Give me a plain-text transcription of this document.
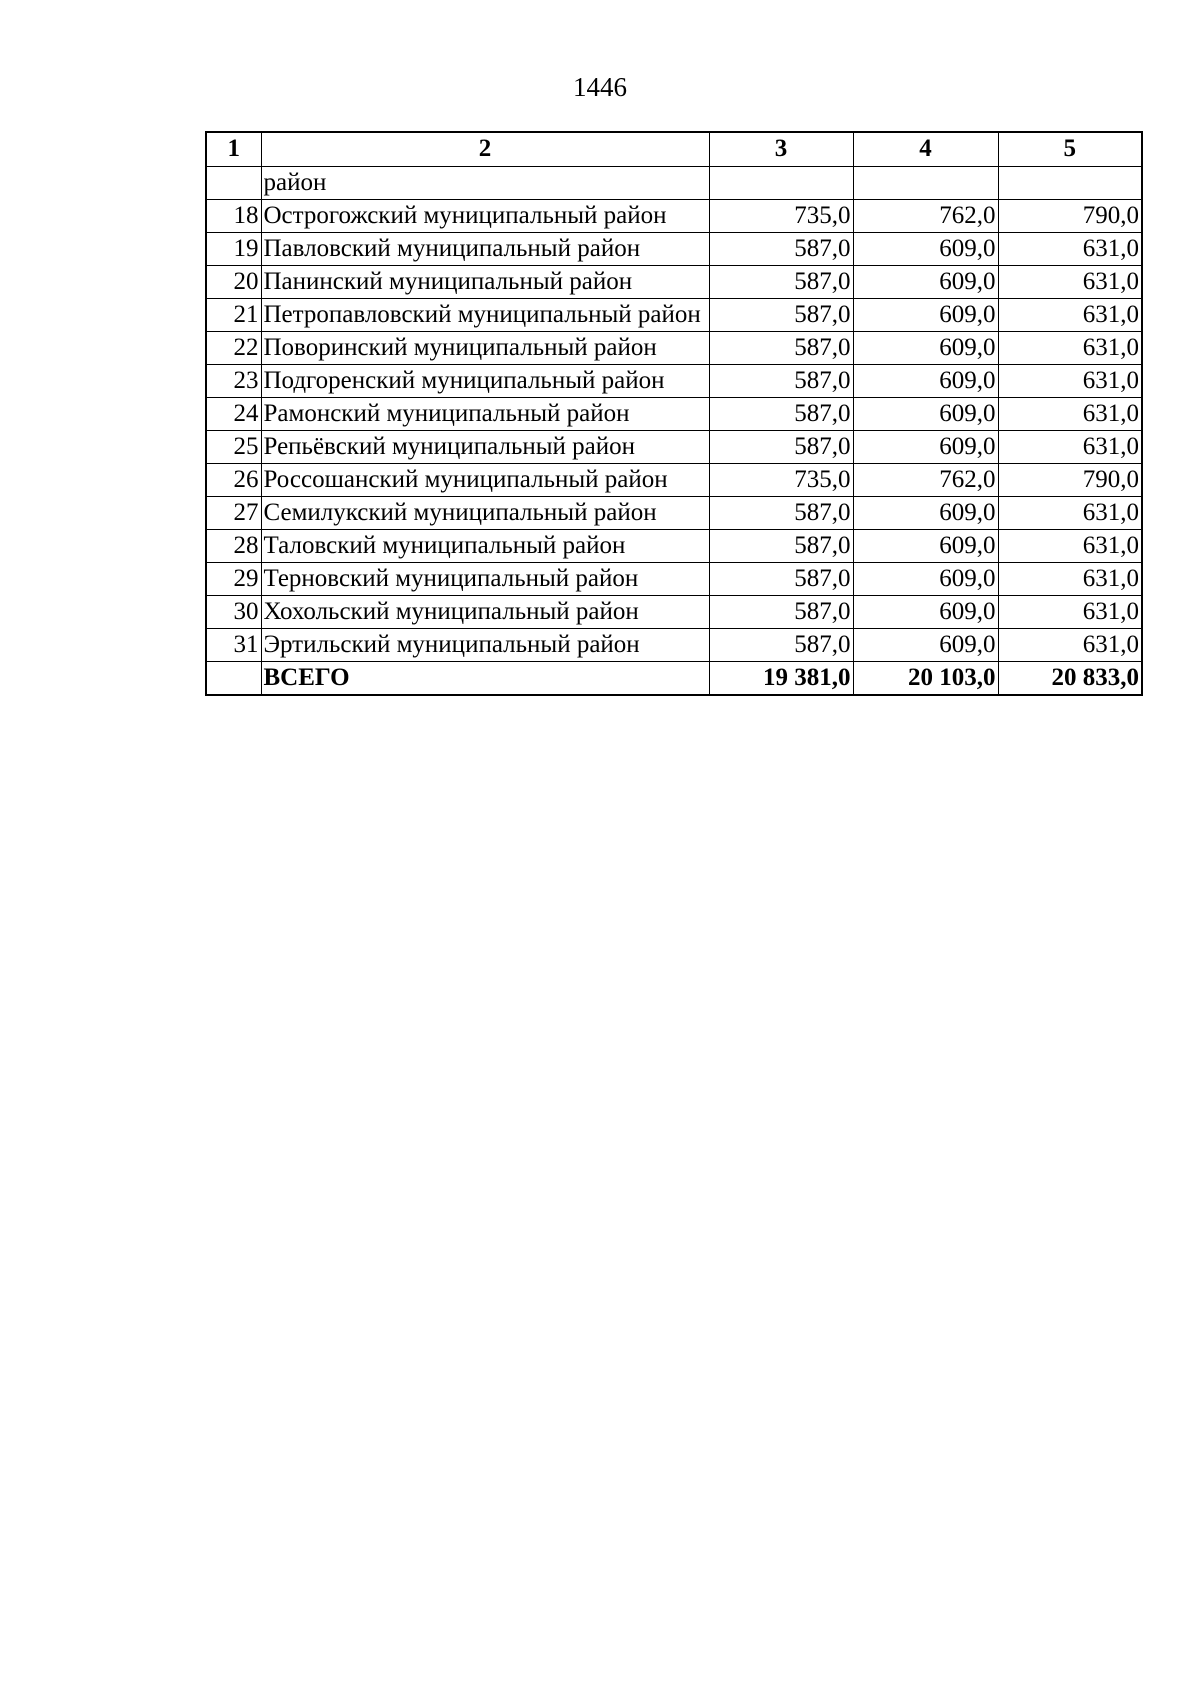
1446
1	2	3	4	5
	район			
18	Острогожский муниципальный район	735,0	762,0	790,0
19	Павловский муниципальный район	587,0	609,0	631,0
20	Панинский муниципальный район	587,0	609,0	631,0
21	Петропавловский муниципальный район	587,0	609,0	631,0
22	Поворинский муниципальный район	587,0	609,0	631,0
23	Подгоренский муниципальный район	587,0	609,0	631,0
24	Рамонский муниципальный район	587,0	609,0	631,0
25	Репьёвский муниципальный район	587,0	609,0	631,0
26	Россошанский муниципальный район	735,0	762,0	790,0
27	Семилукский муниципальный район	587,0	609,0	631,0
28	Таловский муниципальный район	587,0	609,0	631,0
29	Терновский муниципальный район	587,0	609,0	631,0
30	Хохольский муниципальный район	587,0	609,0	631,0
31	Эртильский муниципальный район	587,0	609,0	631,0
	ВСЕГО	19 381,0	20 103,0	20 833,0
